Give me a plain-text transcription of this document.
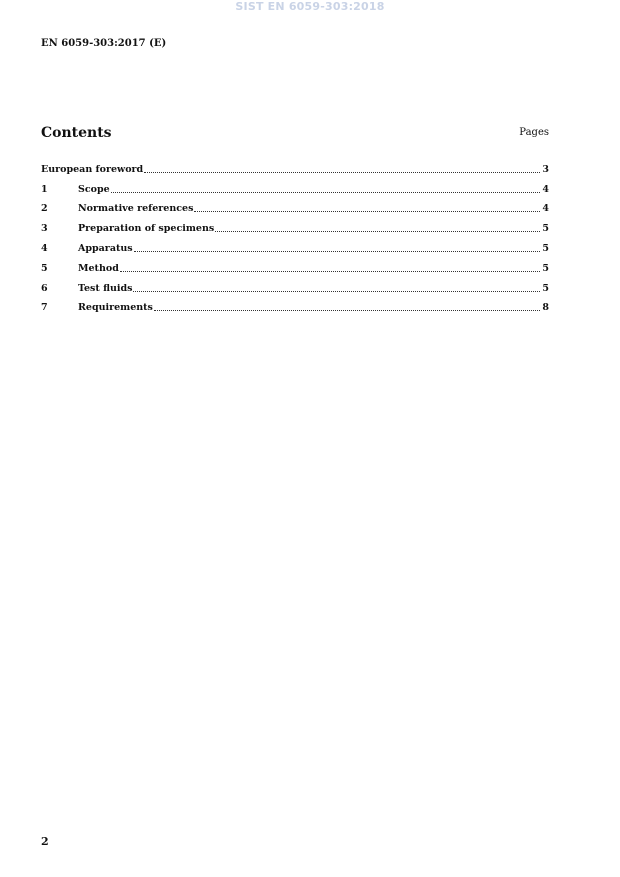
SIST EN 6059-303:2018
EN 6059-303:2017 (E)
Contents	Pages
European foreword	3
1	Scope	4
2	Normative references	4
3	Preparation of specimens	5
4	Apparatus	5
5	Method	5
6	Test fluids	5
7	Requirements	8
2
